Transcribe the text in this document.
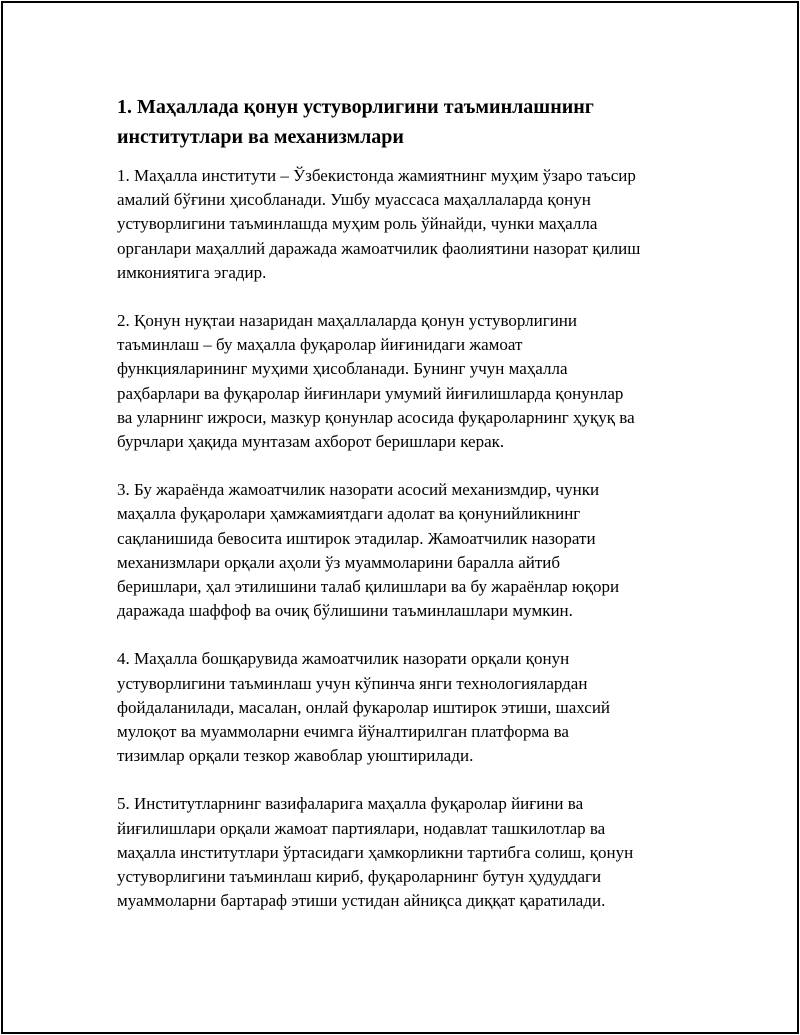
1. Маҳаллада қонун устуворлигини таъминлашнинг
институтлари ва механизмлари

1. Маҳалла институти – Ўзбекистонда жамиятнинг муҳим ўзаро таъсир
амалий бўғини ҳисобланади. Ушбу муассаса маҳаллаларда қонун
устуворлигини таъминлашда муҳим роль ўйнайди, чунки маҳалла
органлари маҳаллий даражада жамоатчилик фаолиятини назорат қилиш
имкониятига эгадир.

2. Қонун нуқтаи назаридан маҳаллаларда қонун устуворлигини
таъминлаш – бу маҳалла фуқаролар йиғинидаги жамоат
функцияларининг муҳими ҳисобланади. Бунинг учун маҳалла
раҳбарлари ва фуқаролар йиғинлари умумий йиғилишларда қонунлар
ва уларнинг ижроси, мазкур қонунлар асосида фуқароларнинг ҳуқуқ ва
бурчлари ҳақида мунтазам ахборот беришлари керак.

3. Бу жараёнда жамоатчилик назорати асосий механизмдир, чунки
маҳалла фуқаролари ҳамжамиятдаги адолат ва қонунийликнинг
сақланишида бевосита иштирок этадилар. Жамоатчилик назорати
механизмлари орқали аҳоли ўз муаммоларини баралла айтиб
беришлари, ҳал этилишини талаб қилишлари ва бу жараёнлар юқори
даражада шаффоф ва очиқ бўлишини таъминлашлари мумкин.

4. Маҳалла бошқарувида жамоатчилик назорати орқали қонун
устуворлигини таъминлаш учун кўпинча янги технологиялардан
фойдаланилади, масалан, онлай фукаролар иштирок этиши, шахсий
мулоқот ва муаммоларни ечимга йўналтирилган платформа ва
тизимлар орқали тезкор жавоблар уюштирилади.

5. Институтларнинг вазифаларига маҳалла фуқаролар йиғини ва
йиғилишлари орқали жамоат партиялари, нодавлат ташкилотлар ва
маҳалла институтлари ўртасидаги ҳамкорликни тартибга солиш, қонун
устуворлигини таъминлаш кириб, фуқароларнинг бутун ҳудуддаги
муаммоларни бартараф этиши устидан айниқса диққат қаратилади.
